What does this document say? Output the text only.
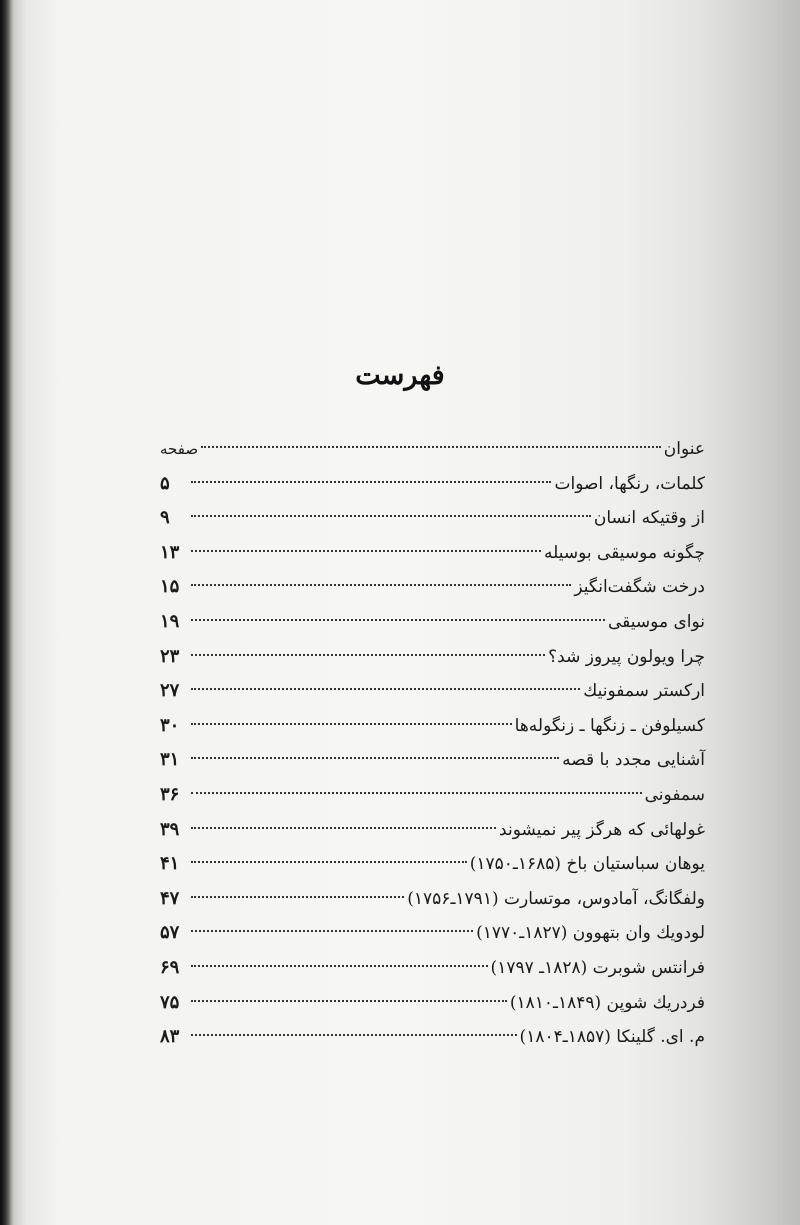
فهرست
عنوان
صفحه
کلمات، رنگها، اصوات
۵
از وقتیکه انسان
۹
چگونه موسیقی بوسیله
۱۳
درخت شگفت‌انگیز
۱۵
نوای موسیقی
۱۹
چرا ویولون پیروز شد؟
۲۳
ارکستر سمفونیك
۲۷
کسیلوفن ـ زنگها ـ زنگوله‌ها
۳۰
آشنایی مجدد با قصه
۳۱
سمفونی
۳۶
غولهائی که هرگز پیر نمیشوند
۳۹
یوهان سباستیان باخ (۱۶۸۵ـ۱۷۵۰)
۴۱
ولفگانگ، آمادوس، موتسارت (۱۷۹۱ـ۱۷۵۶)
۴۷
لودویك وان بتهوون (۱۸۲۷ـ۱۷۷۰)
۵۷
فرانتس شوبرت (۱۸۲۸ـ ۱۷۹۷)
۶۹
فردریك شوپن (۱۸۴۹ـ۱۸۱۰)
۷۵
م. ای. گلینکا (۱۸۵۷ـ۱۸۰۴)
۸۳
